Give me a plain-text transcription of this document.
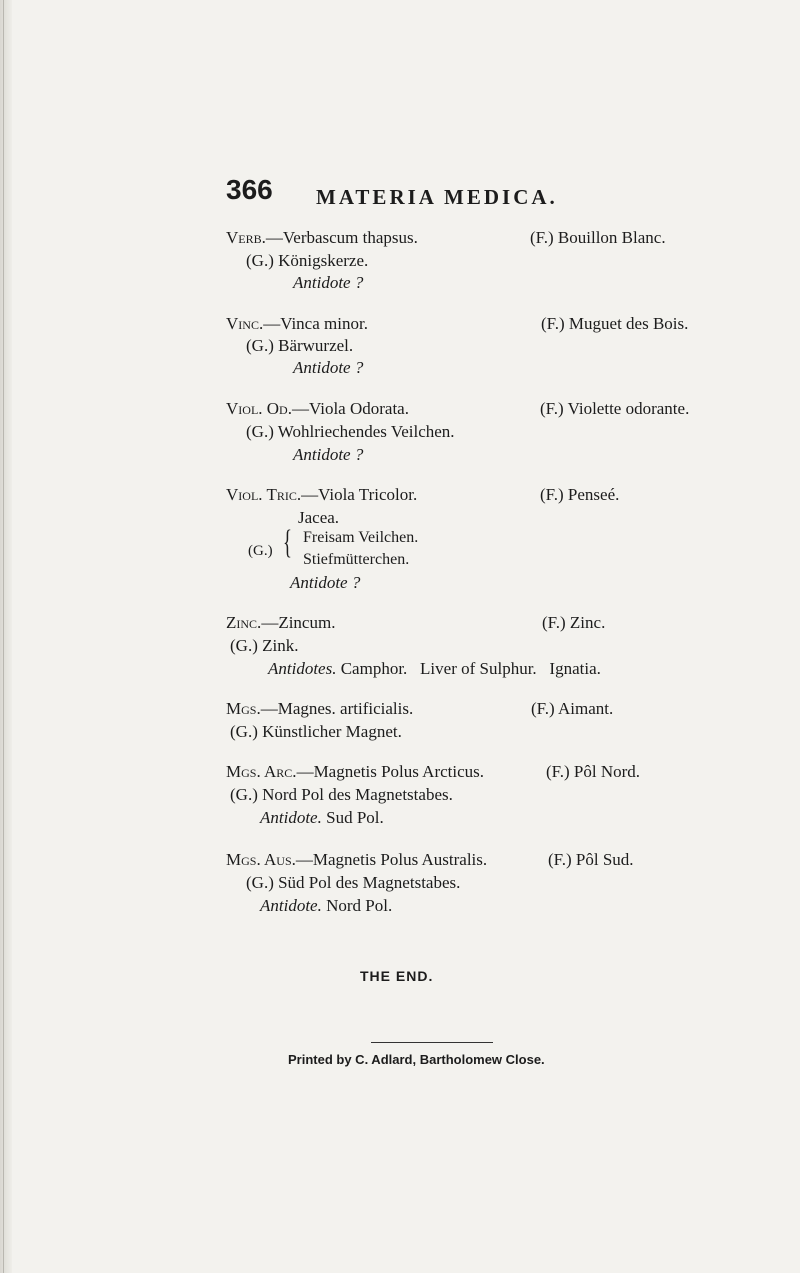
366 MATERIA MEDICA.
Verb.—Verbascum thapsus.	(F.) Bouillon Blanc.
(G.) Königskerze.
Antidote ?
Vinc.—Vinca minor.	(F.) Muguet des Bois.
(G.) Bärwurzel.
Antidote ?
Viol. Od.—Viola Odorata.	(F.) Violette odorante.
(G.) Wohlriechendes Veilchen.
Antidote ?
Viol. Tric.—Viola Tricolor.	(F.) Penseé.
Jacea.
(G.) { Freisam Veilchen.
Stiefmütterchen.
Antidote ?
Zinc.—Zincum.	(F.) Zinc.
(G.) Zink.
Antidotes. Camphor.   Liver of Sulphur.   Ignatia.
Mgs.—Magnes. artificialis.	(F.) Aimant.
(G.) Künstlicher Magnet.
Mgs. Arc.—Magnetis Polus Arcticus.	(F.) Pôl Nord.
(G.) Nord Pol des Magnetstabes.
Antidote. Sud Pol.
Mgs. Aus.—Magnetis Polus Australis.	(F.) Pôl Sud.
(G.) Süd Pol des Magnetstabes.
Antidote. Nord Pol.
THE END.
Printed by C. Adlard, Bartholomew Close.
